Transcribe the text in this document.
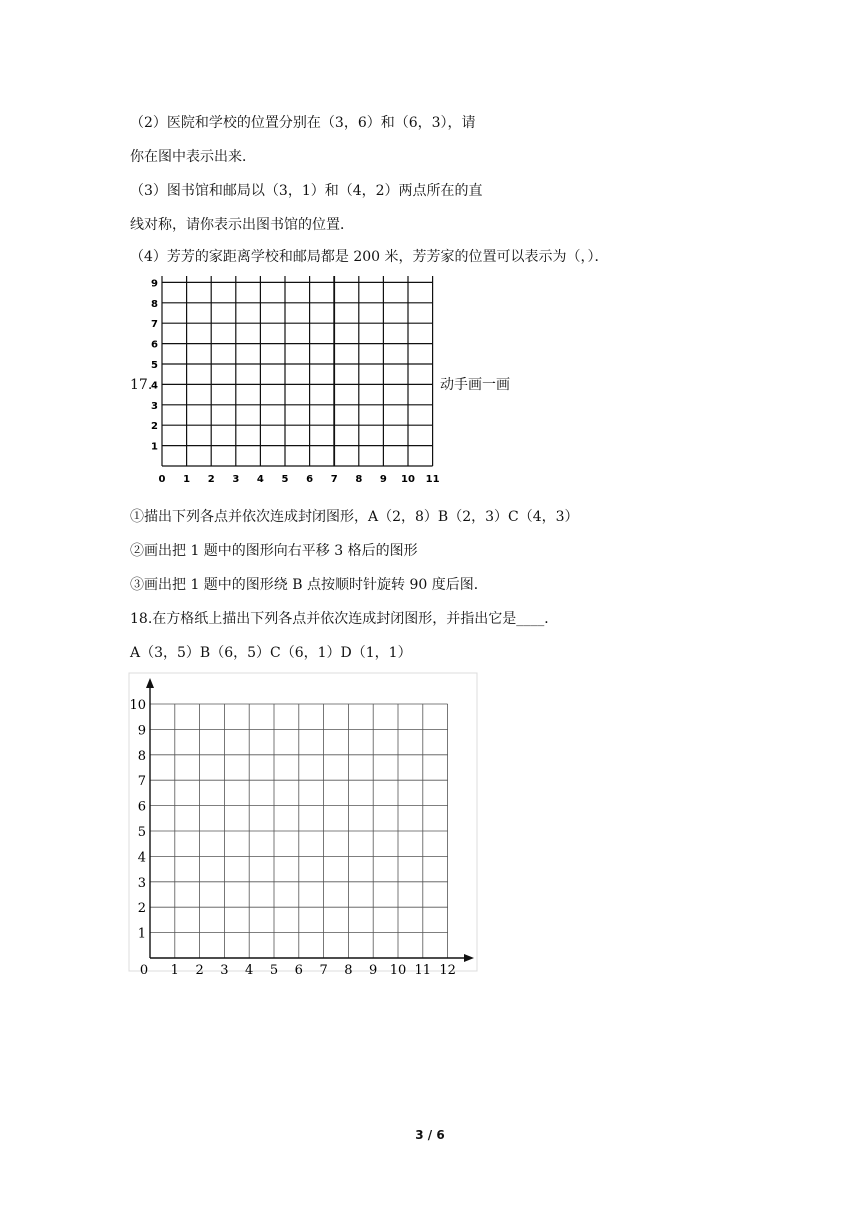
（2）医院和学校的位置分别在（3，6）和（6，3），请
你在图中表示出来．
（3）图书馆和邮局以（3，1）和（4，2）两点所在的直
线对称，请你表示出图书馆的位置．
（4）芳芳的家距离学校和邮局都是 200 米，芳芳家的位置可以表示为（，）．
17.
0 1 2 3 4 5 6 7 8 9 10 11
1
2
3
4
5
6
7
8
9
动手画一画
①描出下列各点并依次连成封闭图形，A（2，8）B（2，3）C（4，3）
②画出把 1 题中的图形向右平移 3 格后的图形
③画出把 1 题中的图形绕 B 点按顺时针旋转 90 度后图．
18.在方格纸上描出下列各点并依次连成封闭图形，并指出它是____．
A（3，5）B（6，5）C（6，1）D（1，1）
0 1 2 3 4 5 6 7 8 9 10 11 12
1
2
3
4
5
6
7
8
9
10
3 / 6
